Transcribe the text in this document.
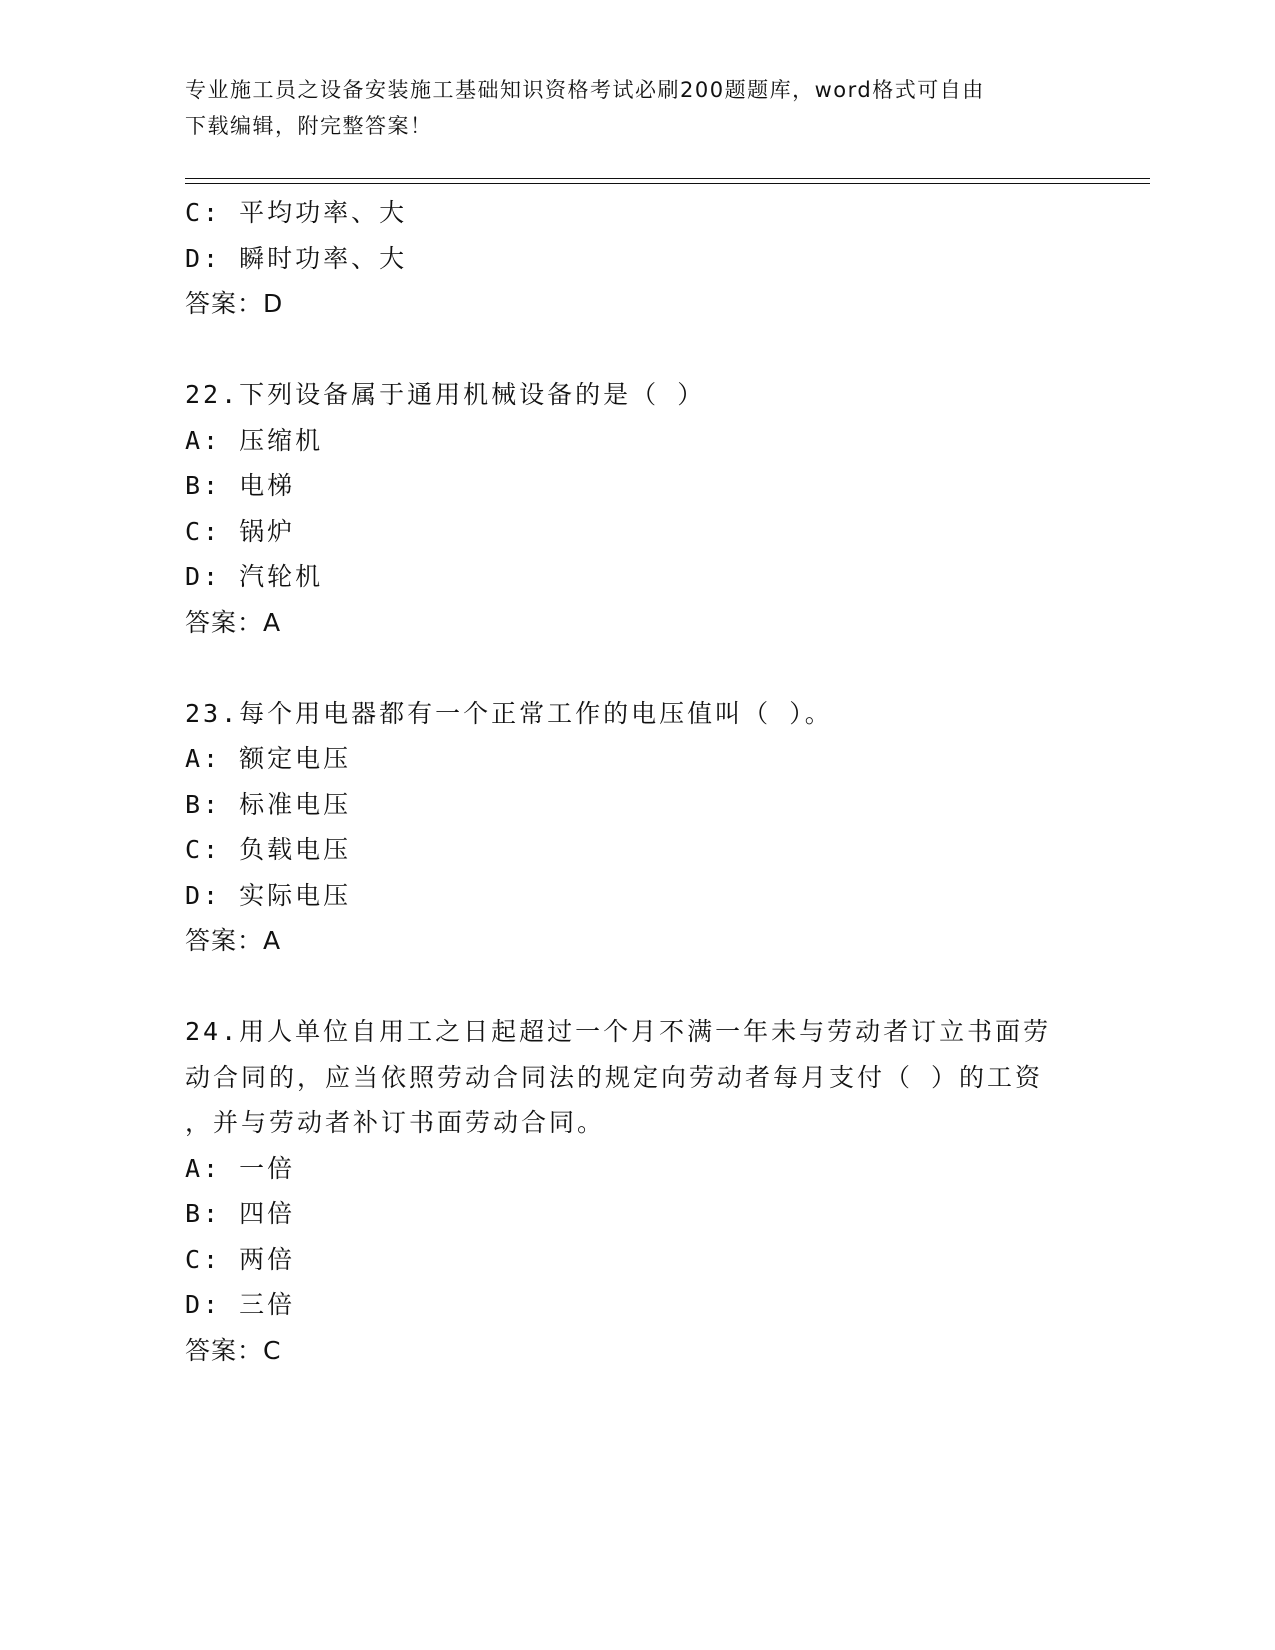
专业施工员之设备安装施工基础知识资格考试必刷200题题库，word格式可自由
下载编辑，附完整答案！
C: 平均功率、大
D: 瞬时功率、大
答案：D
22.下列设备属于通用机械设备的是（ ）
A: 压缩机
B: 电梯
C: 锅炉
D: 汽轮机
答案：A
23.每个用电器都有一个正常工作的电压值叫（ ）。
A: 额定电压
B: 标准电压
C: 负载电压
D: 实际电压
答案：A
24.用人单位自用工之日起超过一个月不满一年未与劳动者订立书面劳
动合同的，应当依照劳动合同法的规定向劳动者每月支付（ ）的工资
，并与劳动者补订书面劳动合同。
A: 一倍
B: 四倍
C: 两倍
D: 三倍
答案：C
